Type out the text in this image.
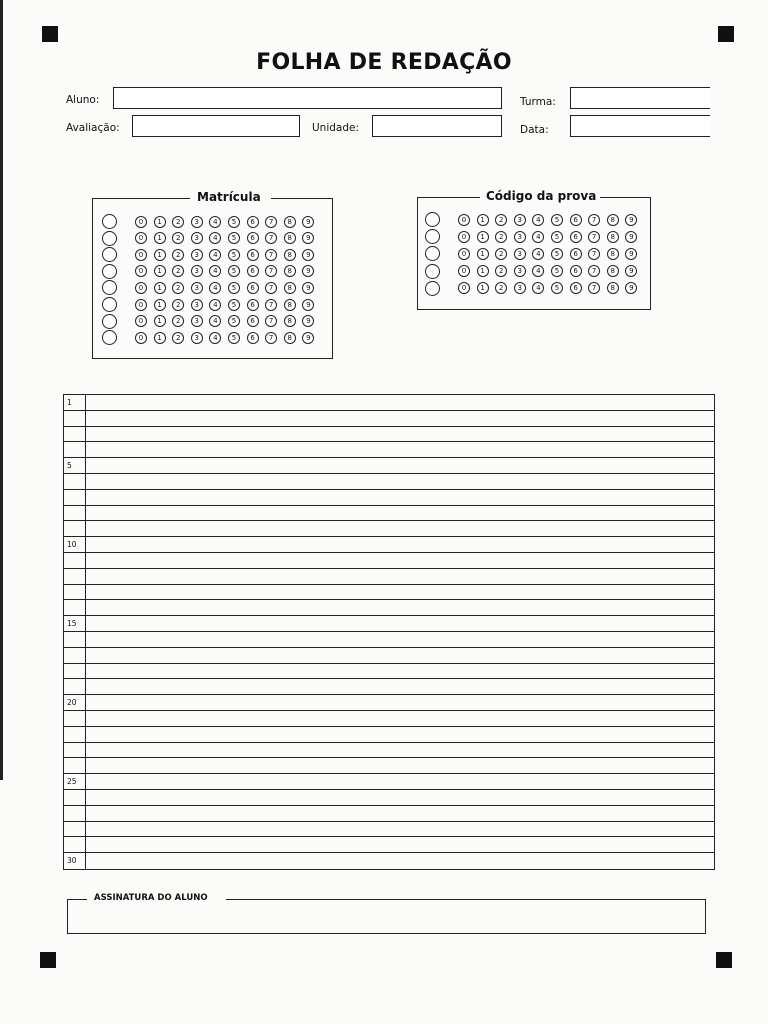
FOLHA DE REDAÇÃO
Aluno:	Turma:
Avaliação:	Unidade:	Data:
Matrícula
0	1	2	3	4	5	6	7	8	9
0	1	2	3	4	5	6	7	8	9
0	1	2	3	4	5	6	7	8	9
0	1	2	3	4	5	6	7	8	9
0	1	2	3	4	5	6	7	8	9
0	1	2	3	4	5	6	7	8	9
0	1	2	3	4	5	6	7	8	9
0	1	2	3	4	5	6	7	8	9
Código da prova
0	1	2	3	4	5	6	7	8	9
0	1	2	3	4	5	6	7	8	9
0	1	2	3	4	5	6	7	8	9
0	1	2	3	4	5	6	7	8	9
0	1	2	3	4	5	6	7	8	9
1
5
10
15
20
25
30
ASSINATURA DO ALUNO
